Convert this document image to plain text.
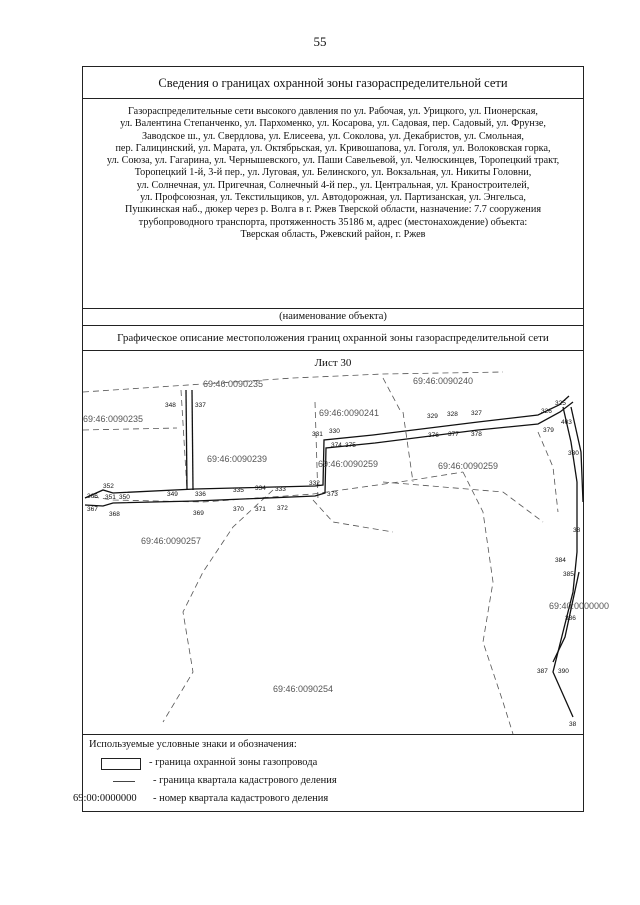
55
Сведения о границах охранной зоны газораспределительной сети
Газораспределительные сети высокого давления по ул. Рабочая, ул. Урицкого, ул. Пионерская,
ул. Валентина Степанченко, ул. Пархоменко, ул. Косарова, ул. Садовая, пер. Садовый, ул. Фрунзе,
Заводское ш., ул. Свердлова, ул. Елисеева, ул. Соколова, ул. Декабристов, ул. Смольная,
пер. Галицинский, ул. Марата, ул. Октябрьская, ул. Кривошапова, ул. Гоголя, ул. Волоковская горка,
ул. Союза, ул. Гагарина, ул. Чернышевского, ул. Паши Савельевой, ул. Челюскинцев, Торопецкий тракт,
Торопецкий 1-й, 3-й пер., ул. Луговая, ул. Белинского, ул. Вокзальная, ул. Никиты Головни,
ул. Солнечная, ул. Пригечная, Солнечный 4-й пер., ул. Центральная, ул. Краностроителей,
ул. Профсоюзная, ул. Текстильщиков, ул. Автодорожная, ул. Партизанская, ул. Энгельса,
Пушкинская наб., дюкер через р. Волга в г. Ржев Тверской области, назначение: 7.7 сооружения
трубопроводного транспорта, протяженность 35186 м, адрес (местонахождение) объекта:
Тверская область, Ржевский район, г. Ржев
(наименование объекта)
Графическое описание местоположения границ охранной зоны газораспределительной сети
Лист 30
348	337
331 330
374 375
329 328 327	326
325
403
376 377 378
379
380
352
351 350	349	336
335 334 333
332
373
366
367
368	369
370 371 372
384
385
386
387 390
38
38
69:46:0090235	69:46:0090240
69:46:0090241
69:46:0090259
69:46:0090239
69:46:0090257
69:46:0090259
69:40:0000000
69:46:0090254
69:46:0090235
Используемые условные знаки и обозначения:
- граница охранной зоны газопровода
- граница квартала кадастрового деления
69:00:0000000 - номер квартала кадастрового деления
